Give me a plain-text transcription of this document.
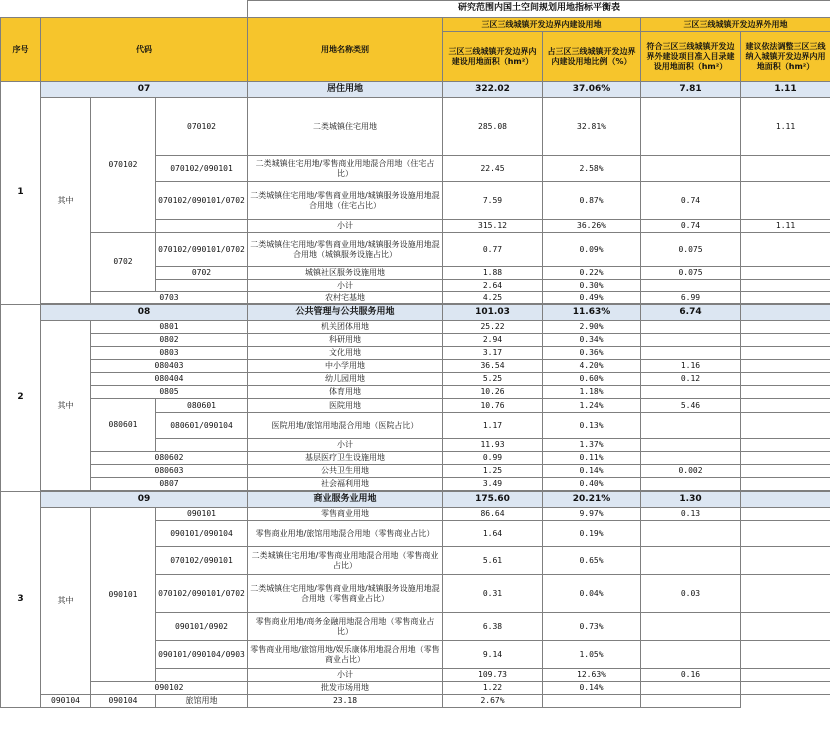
				研究范围内国土空间规划用地指标平衡表				
序号	代码			用地名称类别	三区三线城镇开发边界内建设用地		三区三线城镇开发边界外用地	
					三区三线城镇开发边界内建设用地面积（hm²）	占三区三线城镇开发边界内建设用地比例（%）	符合三区三线城镇开发边界外建设项目准入目录建设用地面积（hm²）	建议依法调整三区三线纳入城镇开发边界内用地面积（hm²）
1	07			居住用地	322.02	37.06%	7.81	1.11
	其中	070102	070102	二类城镇住宅用地	285.08	32.81%		1.11
			070102/090101	二类城镇住宅用地/零售商业用地混合用地（住宅占比）	22.45	2.58%		
			070102/090101/0702	二类城镇住宅用地/零售商业用地/城镇服务设施用地混合用地（住宅占比）	7.59	0.87%	0.74	
				小计	315.12	36.26%	0.74	1.11
		0702	070102/090101/0702	二类城镇住宅用地/零售商业用地/城镇服务设施用地混合用地（城镇服务设施占比）	0.77	0.09%	0.075	
			0702	城镇社区服务设施用地	1.88	0.22%	0.075	
				小计	2.64	0.30%		
		0703		农村宅基地	4.25	0.49%	6.99	

2	08			公共管理与公共服务用地	101.03	11.63%	6.74	
	其中	0801		机关团体用地	25.22	2.90%		
		0802		科研用地	2.94	0.34%		
		0803		文化用地	3.17	0.36%		
		080403		中小学用地	36.54	4.20%	1.16	
		080404		幼儿园用地	5.25	0.60%	0.12	
		0805		体育用地	10.26	1.18%		
		080601	080601	医院用地	10.76	1.24%	5.46	
			080601/090104	医院用地/旅馆用地混合用地（医院占比）	1.17	0.13%		
				小计	11.93	1.37%		
		080602		基层医疗卫生设施用地	0.99	0.11%		
		080603		公共卫生用地	1.25	0.14%	0.002	
		0807		社会福利用地	3.49	0.40%		

3	09			商业服务业用地	175.60	20.21%	1.30	
	其中	090101	090101	零售商业用地	86.64	9.97%	0.13	
			090101/090104	零售商业用地/旅馆用地混合用地（零售商业占比）	1.64	0.19%		
			070102/090101	二类城镇住宅用地/零售商业用地混合用地（零售商业占比）	5.61	0.65%		
			070102/090101/0702	二类城镇住宅用地/零售商业用地/城镇服务设施用地混合用地（零售商业占比）	0.31	0.04%	0.03	
			090101/0902	零售商业用地/商务金融用地混合用地（零售商业占比）	6.38	0.73%		
			090101/090104/0903	零售商业用地/旅馆用地/娱乐康体用地混合用地（零售商业占比）	9.14	1.05%		
				小计	109.73	12.63%	0.16	
		090102		批发市场用地	1.22	0.14%		
	090104	090104	旅馆用地	23.18	2.67%			
